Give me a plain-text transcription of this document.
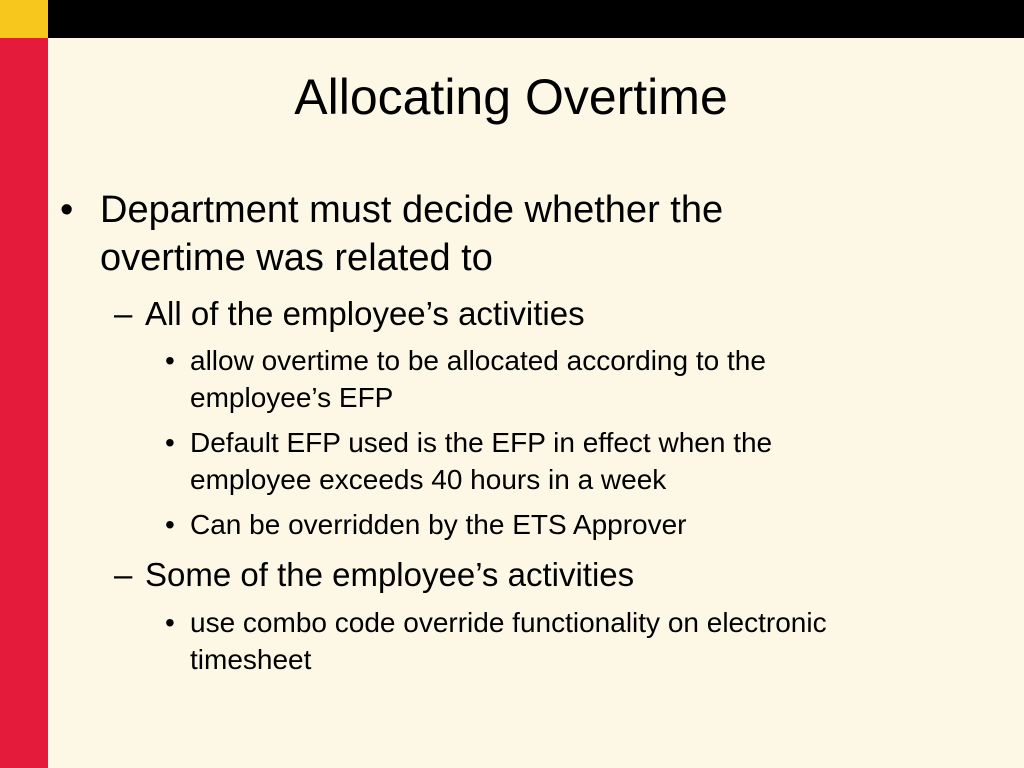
Allocating Overtime
• Department must decide whether the overtime was related to
– All of the employee’s activities
• allow overtime to be allocated according to the employee’s EFP
• Default EFP used is the EFP in effect when the employee exceeds 40 hours in a week
• Can be overridden by the ETS Approver
– Some of the employee’s activities
• use combo code override functionality on electronic timesheet
